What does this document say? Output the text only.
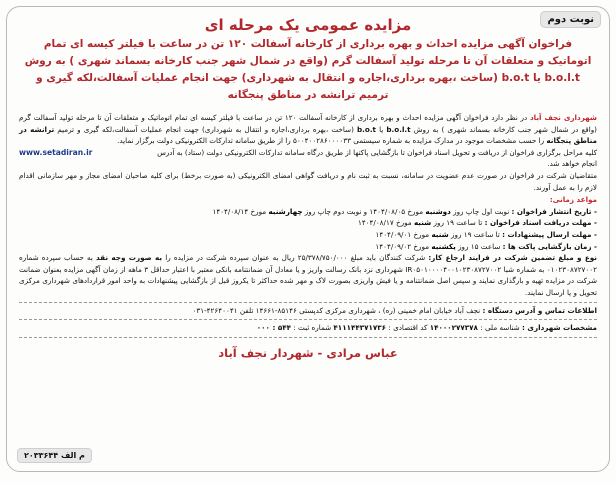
نوبت دوم
مزایده عمومی یک مرحله ای
فراخوان آگهی مزایده احداث و بهره برداری از کارخانه آسفالت ۱۲۰ تن در ساعت با فیلتر کیسه ای تمام اتوماتیک و متعلقات آن تا مرحله تولید آسفالت گرم (واقع در شمال شهر جنب کارخانه بسماند شهری ) به روش b.o.l.t یا b.o.t (ساخت ،بهره برداری،اجاره و انتقال به شهرداری) جهت انجام عملیات آسفالت،لکه گیری و ترمیم ترانشه در مناطق پنجگانه

شهرداری نجف آباد در نظر دارد فراخوان آگهی مزایده احداث و بهره برداری از کارخانه آسفالت ۱۲۰ تن در ساعت با فیلتر کیسه ای تمام اتوماتیک و متعلقات آن تا مرحله تولید آسفالت گرم (واقع در شمال شهر جنب کارخانه بسماند شهری ) به روش b.o.l.t یا b.o.t (ساخت ،بهره برداری،اجاره و انتقال به شهرداری) جهت انجام عملیات آسفالت،لکه گیری و ترمیم ترانشه در مناطق پنجگانه را حسب مشخصات موجود در مدارک مزایده به شماره سیستمی ۵۰۰۴۰۰۲۸۶۰۰۰۰۳۳ را از طریق سامانه تدارکات الکترونیکی دولت برگزار نماید.

کلیه مراحل برگزاری فراخوان از دریافت و تحویل اسناد فراخوان تا بازگشایی پاکتها از طریق درگاه سامانه تدارکات الکترونیکی دولت (ستاد) به آدرس
www.setadiran.ir

انجام خواهد شد.

متقاضیان شرکت در فراخوان در صورت عدم عضویت در سامانه، نسبت به ثبت نام و دریافت گواهی امضای الکترونیکی (به صورت برخط) برای کلیه صاحبان امضای مجاز و مهر سازمانی اقدام لازم را به عمل آورند.

مواعد زمانی:

- تاریخ انتشار فراخوان : نوبت اول چاپ روز دوشنبه مورخ ۱۴۰۴/۰۸/۰۵ و نوبت دوم چاپ روز چهارشنبه مورخ ۱۴۰۴/۰۸/۱۴

- مهلت دریافت اسناد فراخوان : تا ساعت ۱۹ روز شنبه مورخ ۱۴۰۴/۰۸/۱۷

- مهلت ارسال پیشنهادات : تا ساعت ۱۹ روز شنبه مورخ ۱۴۰۴/۰۹/۰۱

- زمان بازگشایی پاکت ها : ساعت ۱۵ روز یکشنبه مورخ ۱۴۰۴/۰۹/۰۲

نوع و مبلغ تضمین شرکت در فرایند ارجاع کار: شرکت کنندگان باید مبلغ ۲۵/۳۷۸/۷۵۰/۰۰۰ ریال به عنوان سپرده شرکت در مزایده را به صورت وجه نقد به حساب سپرده شماره ۰۱۰۲۳۰۸۷۲۷۰۰۲ به شماره شبا IR۰۵۰۱۰۰۰۰۴۰۰۱۰۲۳۰۸۷۲۷۰۰۲ شهرداری نزد بانک رسالت واریز و یا معادل آن ضمانتنامه بانکی معتبر با اعتبار حداقل ۳ ماهه از زمان آگهی مزایده بعنوان ضمانت شرکت در مزایده تهیه و بارگذاری نمایند و سپس اصل ضمانتنامه و یا فیش واریزی بصورت لاک و مهر شده حداکثر تا یکروز قبل از بازگشایی پیشنهادات به واحد امور قراردادهای شهرداری مرکزی تحویل و یا ارسال نمایند.

اطلاعات تماس و آدرس دستگاه : نجف آباد خیابان امام خمینی (ره) ، شهرداری مرکزی کدپستی ۸۵۱۴۶-۱۴۶۶۱ تلفن ۴۲۶۴۰۰۴۱-۰۳۱

مشخصات شهرداری : شناسه ملی : ۱۴۰۰۰۲۷۷۳۷۸ کد اقتصادی : ۴۱۱۱۴۴۳۷۱۷۳۶ شماره ثبت : ۵۴۴ : ۰۰۰

عباس مرادی - شهردار نجف آباد
م الف ۲۰۳۳۶۴۴
